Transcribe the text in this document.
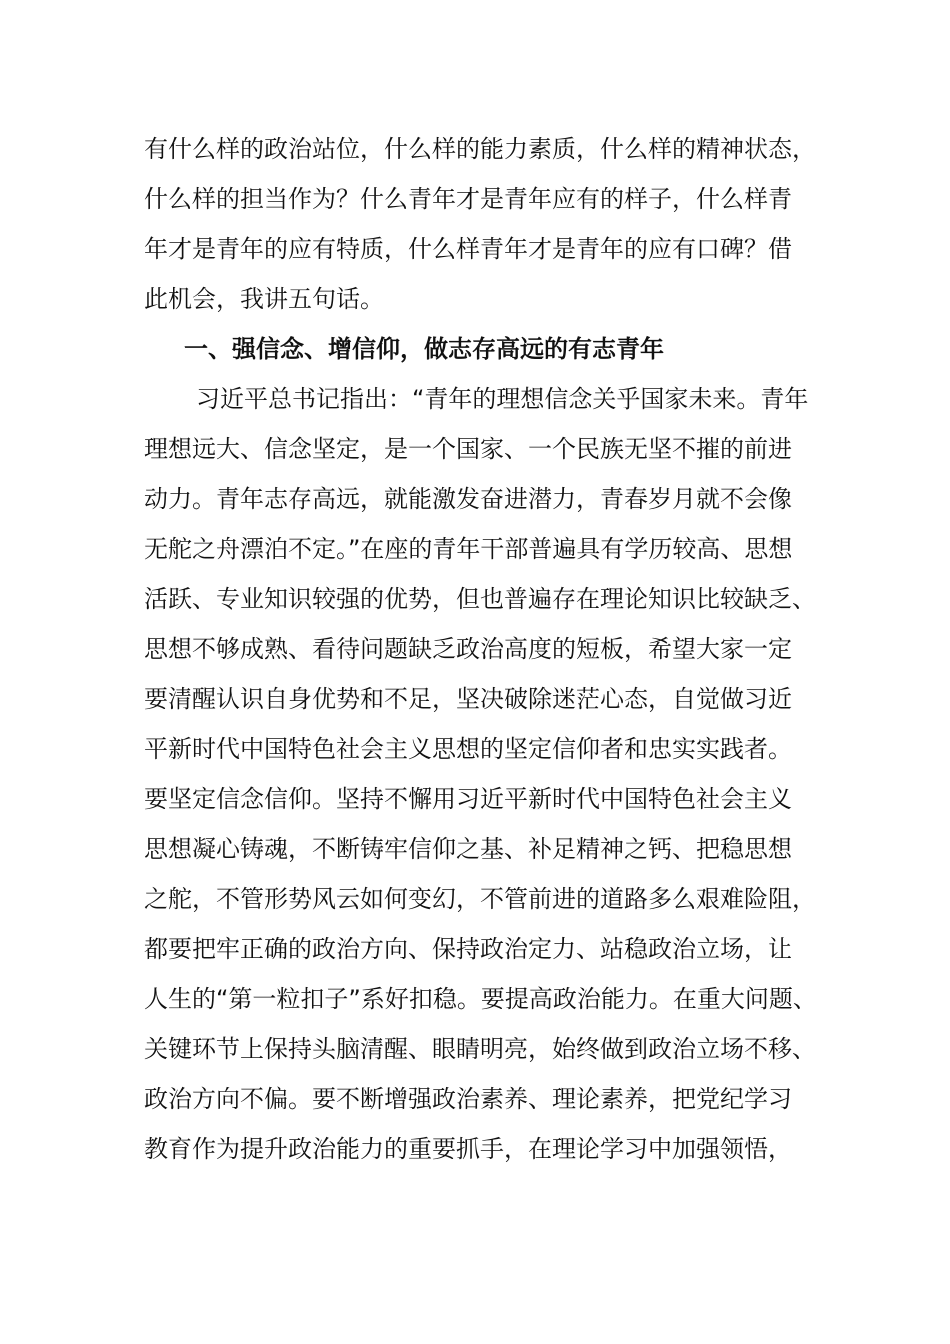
有什么样的政治站位，什么样的能力素质，什么样的精神状态，
什么样的担当作为？什么青年才是青年应有的样子，什么样青
年才是青年的应有特质，什么样青年才是青年的应有口碑？借
此机会，我讲五句话。
一、强信念、增信仰，做志存高远的有志青年
习近平总书记指出：“青年的理想信念关乎国家未来。青年
理想远大、信念坚定，是一个国家、一个民族无坚不摧的前进
动力。青年志存高远，就能激发奋进潜力，青春岁月就不会像
无舵之舟漂泊不定。”在座的青年干部普遍具有学历较高、思想
活跃、专业知识较强的优势，但也普遍存在理论知识比较缺乏、
思想不够成熟、看待问题缺乏政治高度的短板，希望大家一定
要清醒认识自身优势和不足，坚决破除迷茫心态，自觉做习近
平新时代中国特色社会主义思想的坚定信仰者和忠实实践者。
要坚定信念信仰。坚持不懈用习近平新时代中国特色社会主义
思想凝心铸魂，不断铸牢信仰之基、补足精神之钙、把稳思想
之舵，不管形势风云如何变幻，不管前进的道路多么艰难险阻，
都要把牢正确的政治方向、保持政治定力、站稳政治立场，让
人生的“第一粒扣子”系好扣稳。要提高政治能力。在重大问题、
关键环节上保持头脑清醒、眼睛明亮，始终做到政治立场不移、
政治方向不偏。要不断增强政治素养、理论素养，把党纪学习
教育作为提升政治能力的重要抓手，在理论学习中加强领悟，
